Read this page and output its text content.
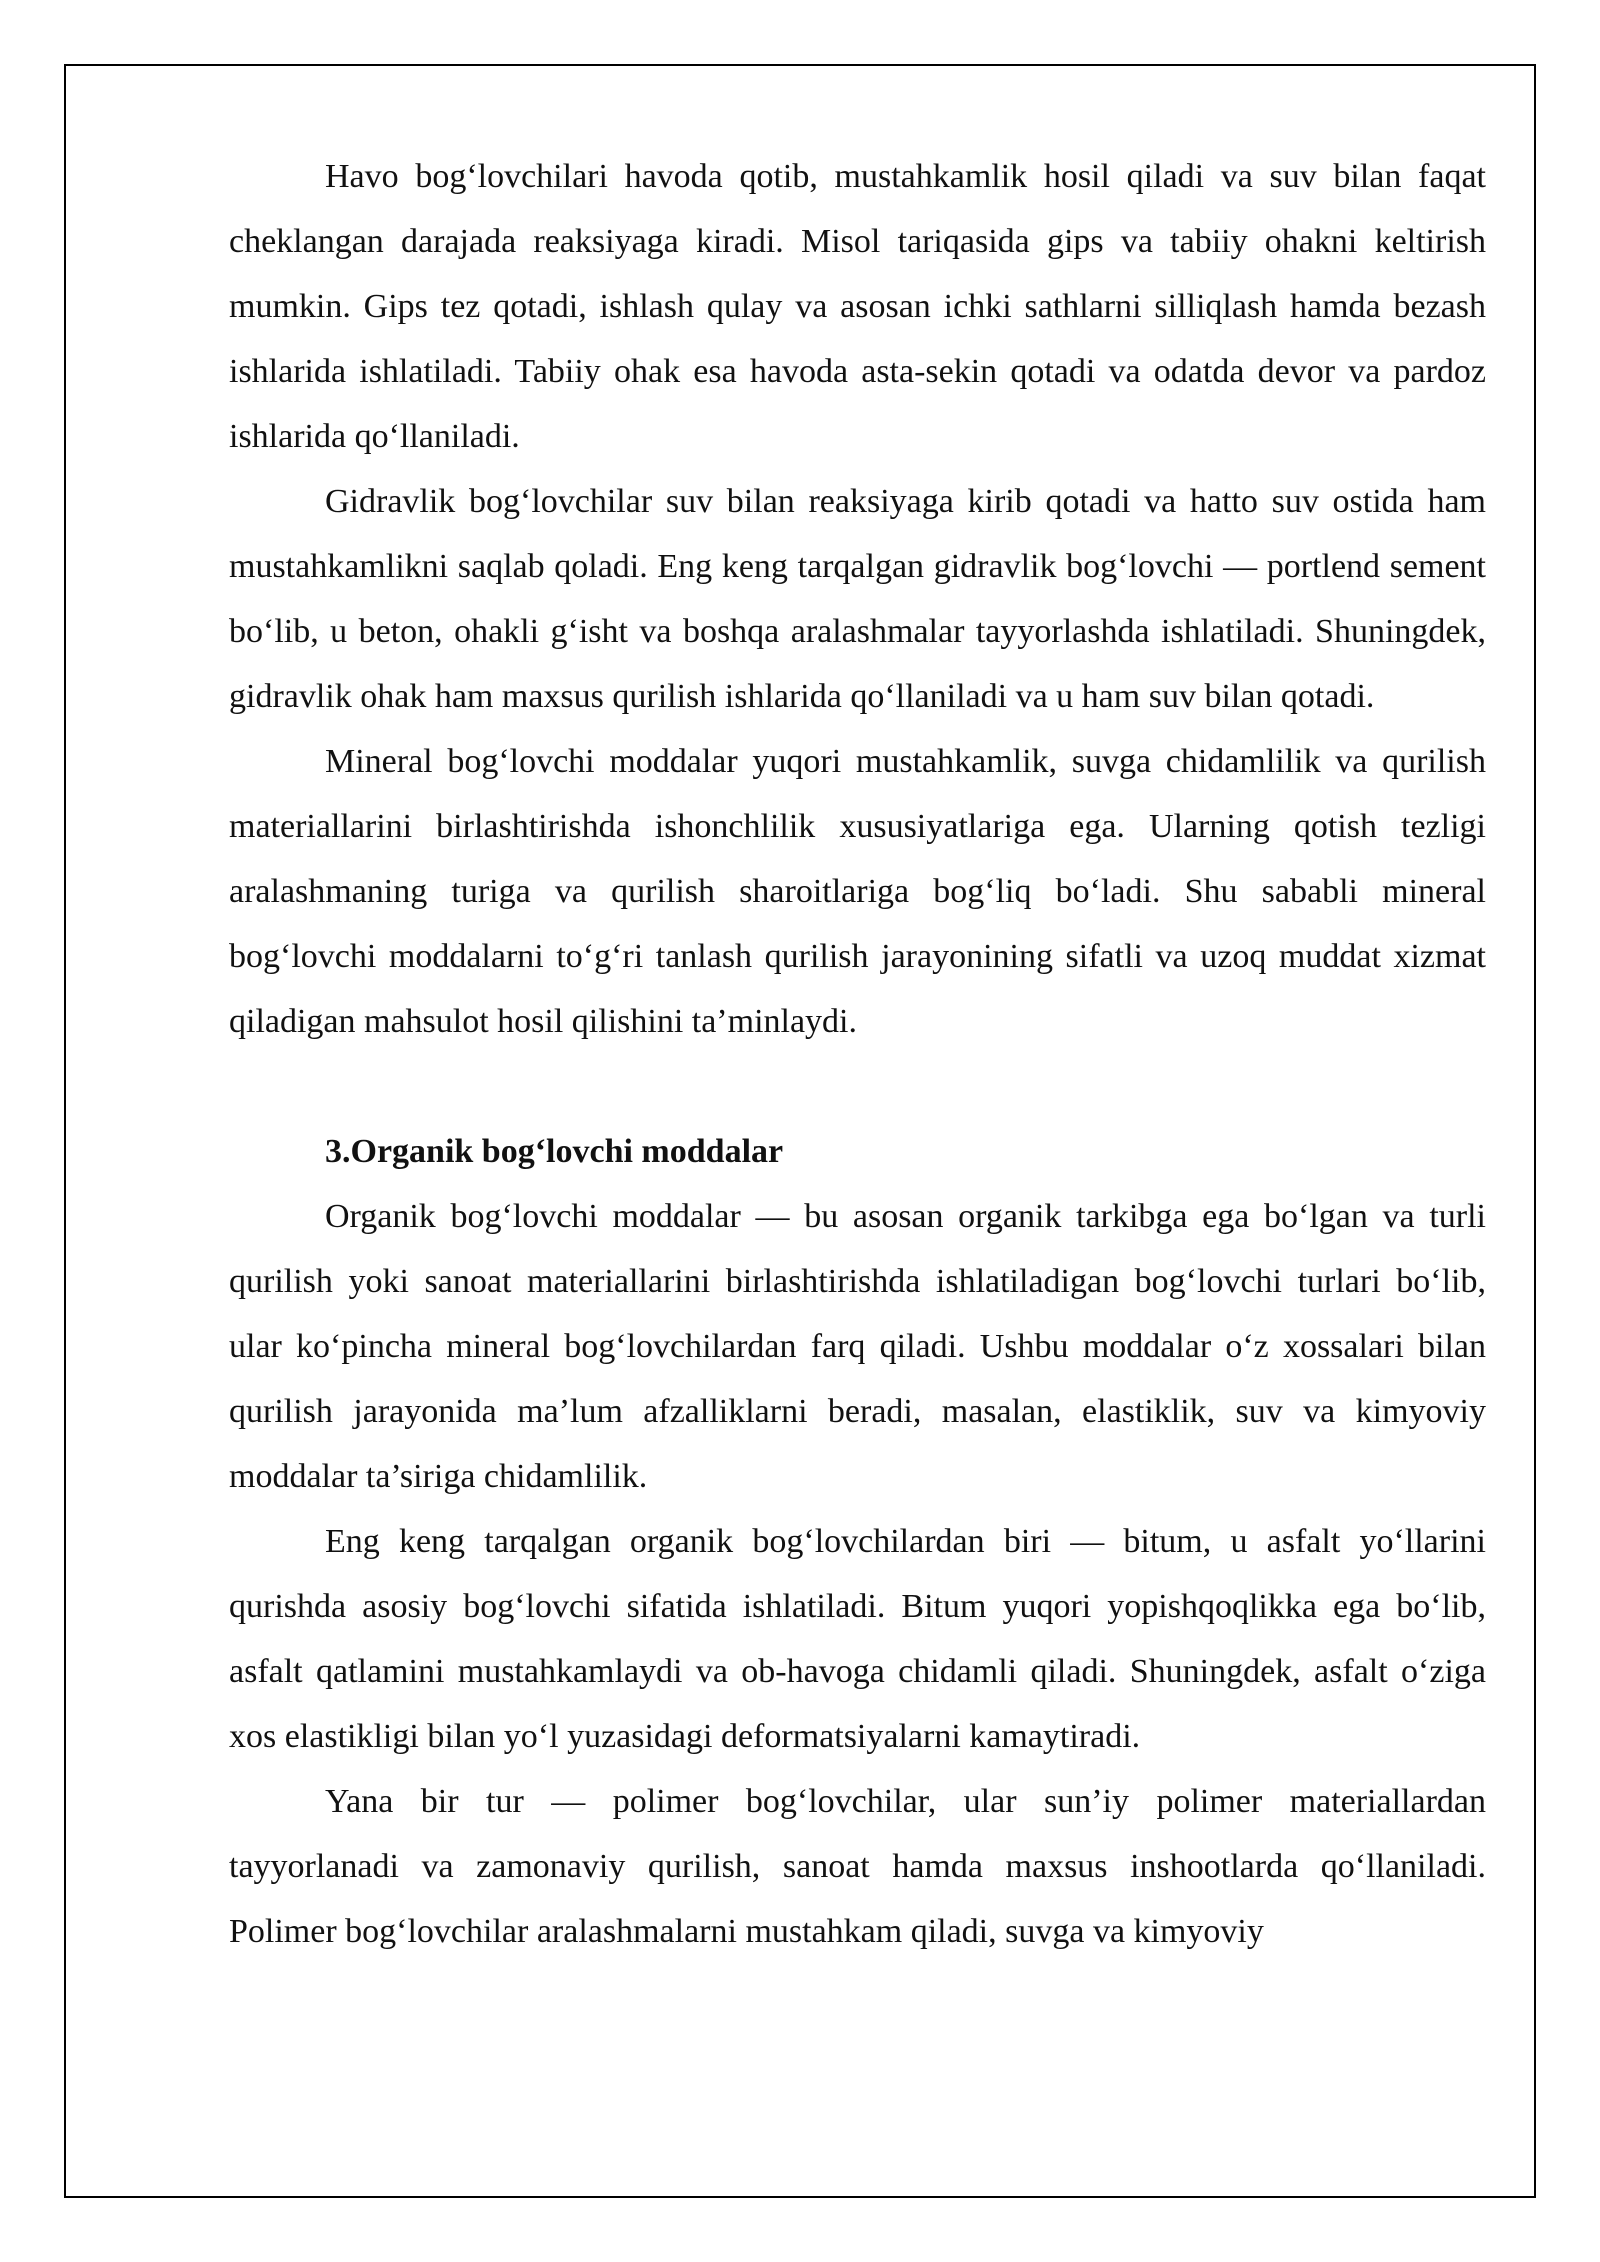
Havo bog‘lovchilari havoda qotib, mustahkamlik hosil qiladi va suv bilan faqat cheklangan darajada reaksiyaga kiradi. Misol tariqasida gips va tabiiy ohakni keltirish mumkin. Gips tez qotadi, ishlash qulay va asosan ichki sathlarni silliqlash hamda bezash ishlarida ishlatiladi. Tabiiy ohak esa havoda asta-sekin qotadi va odatda devor va pardoz ishlarida qo‘llaniladi.

Gidravlik bog‘lovchilar suv bilan reaksiyaga kirib qotadi va hatto suv ostida ham mustahkamlikni saqlab qoladi. Eng keng tarqalgan gidravlik bog‘lovchi — portlend sement bo‘lib, u beton, ohakli g‘isht va boshqa aralashmalar tayyorlashda ishlatiladi. Shuningdek, gidravlik ohak ham maxsus qurilish ishlarida qo‘llaniladi va u ham suv bilan qotadi.

Mineral bog‘lovchi moddalar yuqori mustahkamlik, suvga chidamlilik va qurilish materiallarini birlashtirishda ishonchlilik xususiyatlariga ega. Ularning qotish tezligi aralashmaning turiga va qurilish sharoitlariga bog‘liq bo‘ladi. Shu sababli mineral bog‘lovchi moddalarni to‘g‘ri tanlash qurilish jarayonining sifatli va uzoq muddat xizmat qiladigan mahsulot hosil qilishini ta’minlaydi.

3.Organik bog‘lovchi moddalar

Organik bog‘lovchi moddalar — bu asosan organik tarkibga ega bo‘lgan va turli qurilish yoki sanoat materiallarini birlashtirishda ishlatiladigan bog‘lovchi turlari bo‘lib, ular ko‘pincha mineral bog‘lovchilardan farq qiladi. Ushbu moddalar o‘z xossalari bilan qurilish jarayonida ma’lum afzalliklarni beradi, masalan, elastiklik, suv va kimyoviy moddalar ta’siriga chidamlilik.

Eng keng tarqalgan organik bog‘lovchilardan biri — bitum, u asfalt yo‘llarini qurishda asosiy bog‘lovchi sifatida ishlatiladi. Bitum yuqori yopishqoqlikka ega bo‘lib, asfalt qatlamini mustahkamlaydi va ob-havoga chidamli qiladi. Shuningdek, asfalt o‘ziga xos elastikligi bilan yo‘l yuzasidagi deformatsiyalarni kamaytiradi.

Yana bir tur — polimer bog‘lovchilar, ular sun’iy polimer materiallardan tayyorlanadi va zamonaviy qurilish, sanoat hamda maxsus inshootlarda qo‘llaniladi. Polimer bog‘lovchilar aralashmalarni mustahkam qiladi, suvga va kimyoviy
